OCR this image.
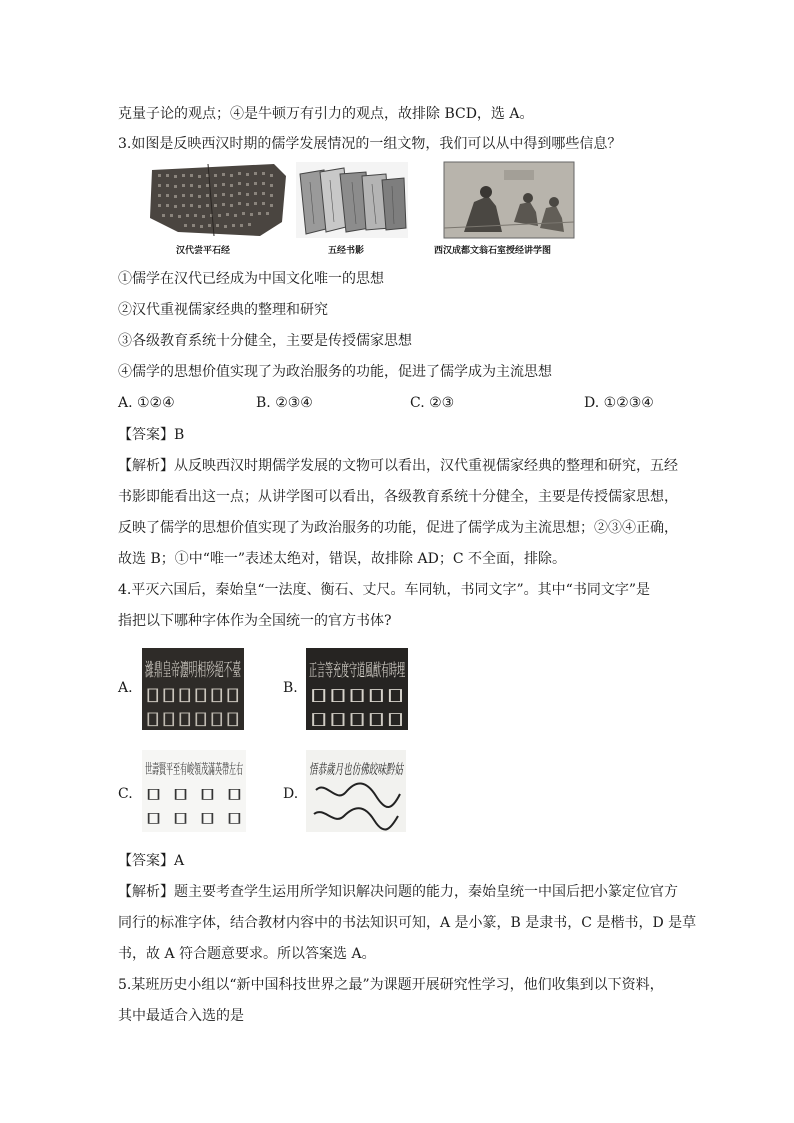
克量子论的观点；④是牛顿万有引力的观点，故排除 BCD，选 A。
3.如图是反映西汉时期的儒学发展情况的一组文物，我们可以从中得到哪些信息？
汉代尝平石经	五经书影	西汉成都文翁石室授经讲学图
①儒学在汉代已经成为中国文化唯一的思想
②汉代重视儒家经典的整理和研究
③各级教育系统十分健全，主要是传授儒家思想
④儒学的思想价值实现了为政治服务的功能，促进了儒学成为主流思想
A. ①②④	B. ②③④	C. ②③	D. ①②③④
【答案】B
【解析】从反映西汉时期儒学发展的文物可以看出，汉代重视儒家经典的整理和研究，五经
书影即能看出这一点；从讲学图可以看出，各级教育系统十分健全，主要是传授儒家思想，
反映了儒学的思想价值实现了为政治服务的功能，促进了儒学成为主流思想；②③④正确，
故选 B；①中“唯一”表述太绝对，错误，故排除 AD；C 不全面，排除。
4.平灭六国后，秦始皇“一法度、衡石、丈尺。车同轨，书同文字”。其中“书同文字”是
指把以下哪种字体作为全国统一的官方书体?
A.
濰鼎皇帝灋明相殄絕不臺
▯▯▯▯▯▯
▯▯▯▯▯▯
B.
正言等充度守道風猷有時埋
▯▯▯▯▯
▯▯▯▯▯
C. ▯ ▯ ▯ ▯
▯ ▯ ▯ ▯
D.
悟恭歲月也仿佛皎味黔姑
【答案】A
【解析】题主要考查学生运用所学知识解决问题的能力，秦始皇统一中国后把小篆定位官方
同行的标准字体，结合教材内容中的书法知识可知，A 是小篆，B 是隶书，C 是楷书，D 是草
书，故 A 符合题意要求。所以答案选 A。
5.某班历史小组以“新中国科技世界之最”为课题开展研究性学习，他们收集到以下资料，
其中最适合入选的是
